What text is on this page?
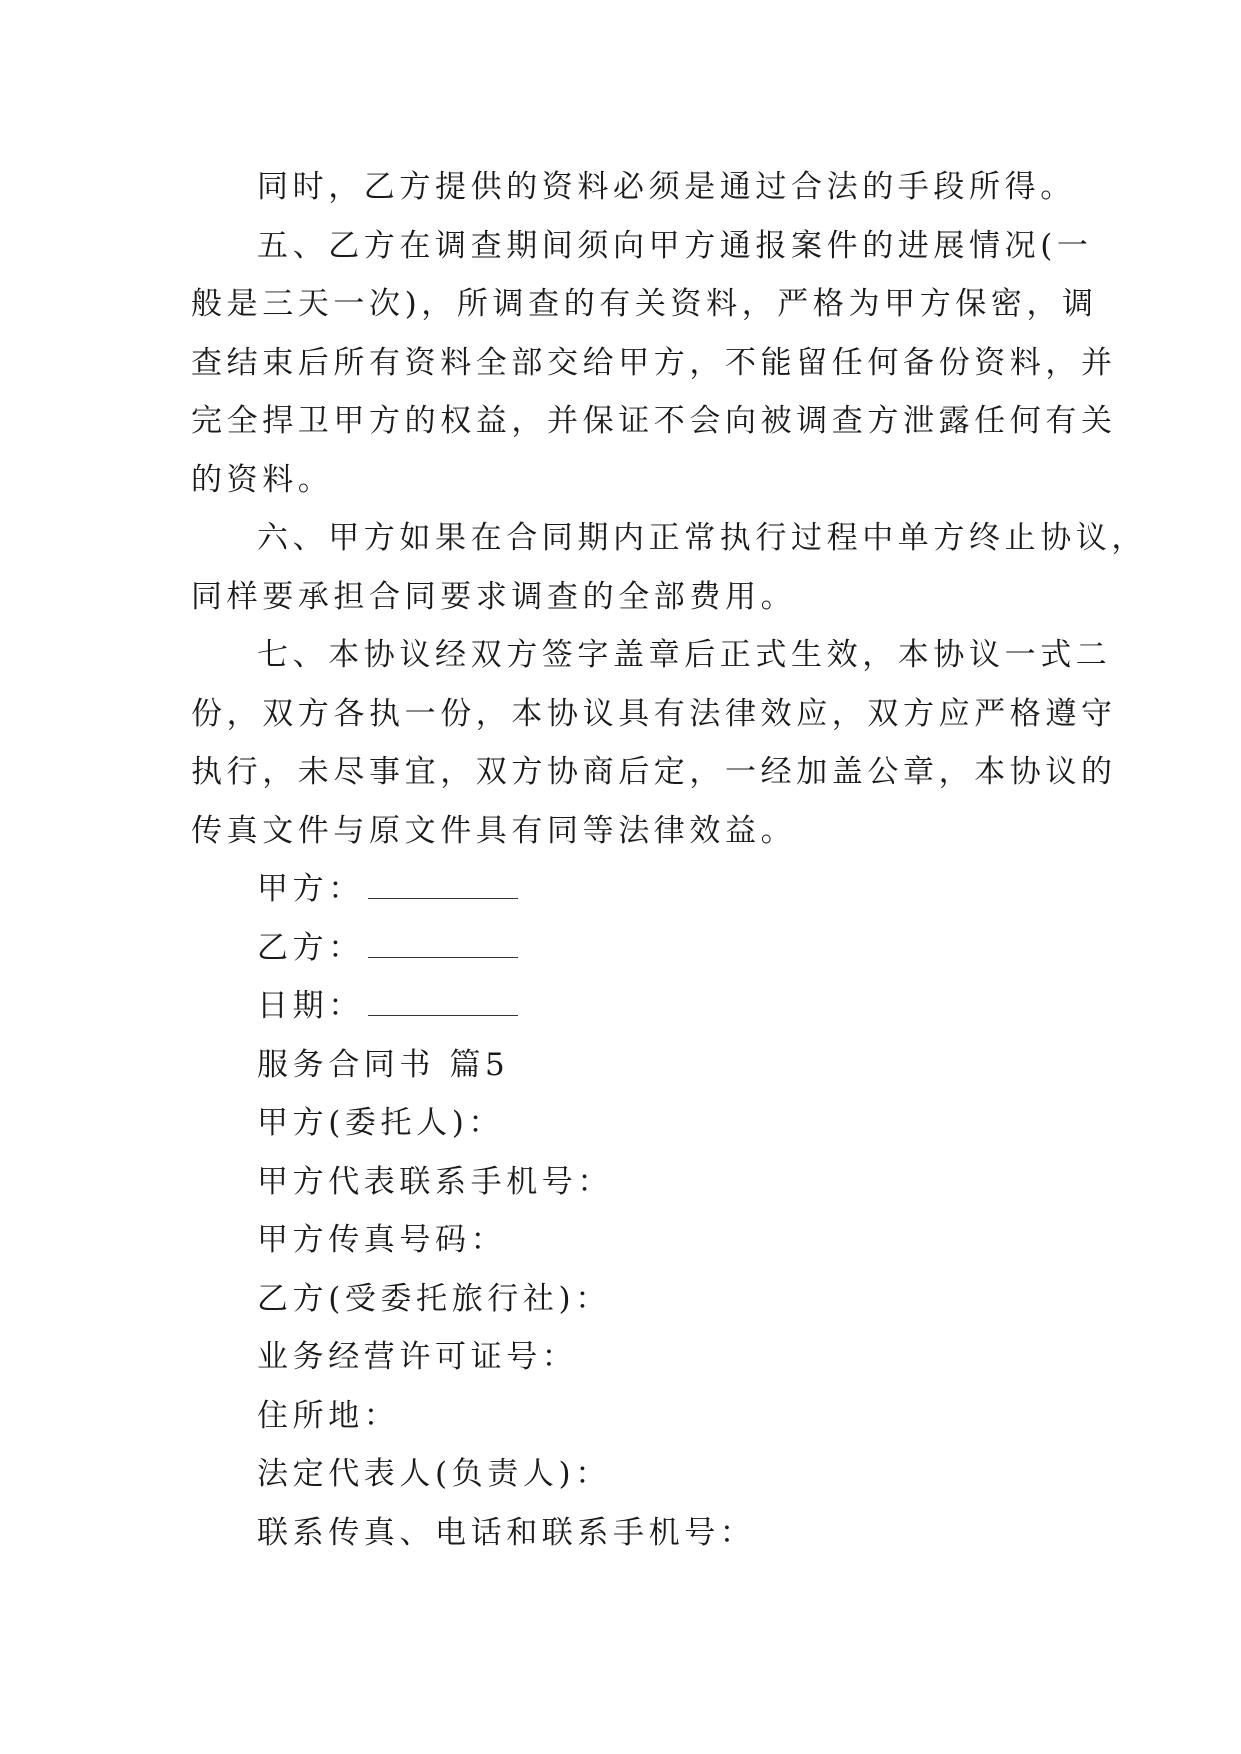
同时，乙方提供的资料必须是通过合法的手段所得。
五、乙方在调查期间须向甲方通报案件的进展情况(一
般是三天一次)，所调查的有关资料，严格为甲方保密，调
查结束后所有资料全部交给甲方，不能留任何备份资料，并
完全捍卫甲方的权益，并保证不会向被调查方泄露任何有关
的资料。
六、甲方如果在合同期内正常执行过程中单方终止协议，
同样要承担合同要求调查的全部费用。
七、本协议经双方签字盖章后正式生效，本协议一式二
份，双方各执一份，本协议具有法律效应，双方应严格遵守
执行，未尽事宜，双方协商后定，一经加盖公章，本协议的
传真文件与原文件具有同等法律效益。
甲方：
乙方：
日期：
服务合同书 篇5
甲方(委托人)：
甲方代表联系手机号：
甲方传真号码：
乙方(受委托旅行社)：
业务经营许可证号：
住所地：
法定代表人(负责人)：
联系传真、电话和联系手机号：
